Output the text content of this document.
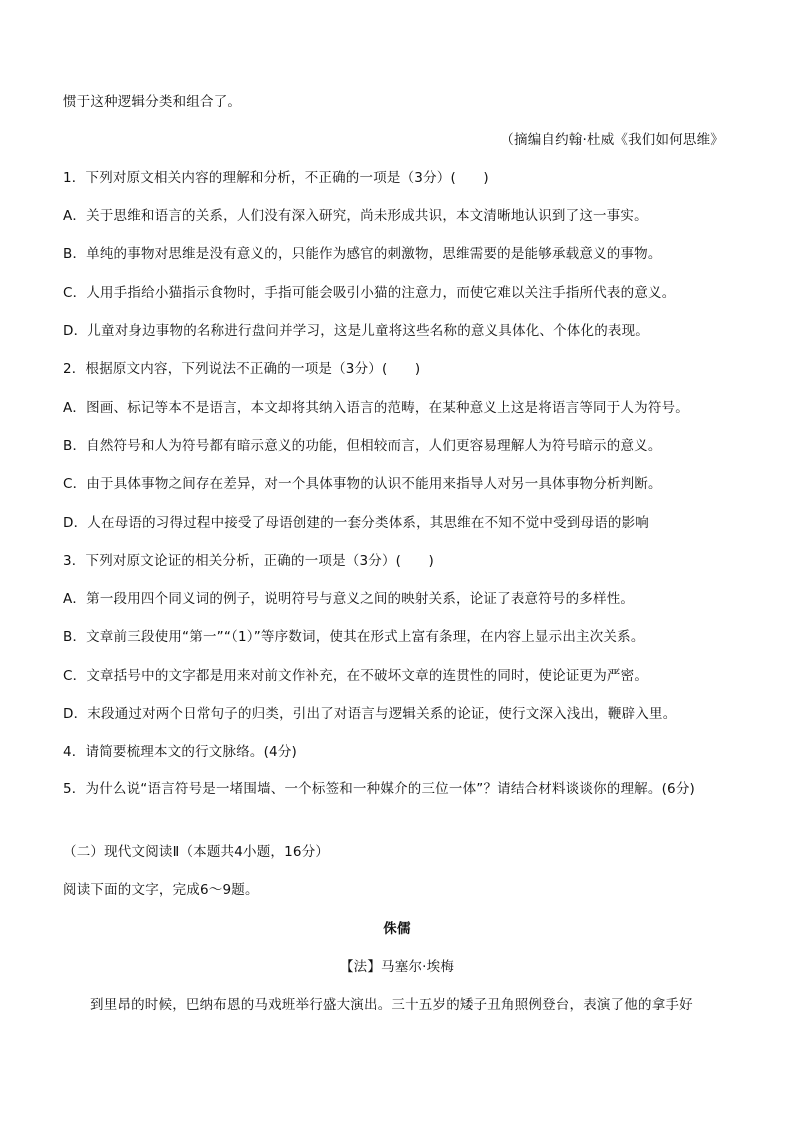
惯于这种逻辑分类和组合了。
（摘编自约翰·杜威《我们如何思维》
1．下列对原文相关内容的理解和分析，不正确的一项是（3分）(　　)
A．关于思维和语言的关系，人们没有深入研究，尚未形成共识，本文清晰地认识到了这一事实。
B．单纯的事物对思维是没有意义的，只能作为感官的刺激物，思维需要的是能够承载意义的事物。
C．人用手指给小猫指示食物时，手指可能会吸引小猫的注意力，而使它难以关注手指所代表的意义。
D．儿童对身边事物的名称进行盘问并学习，这是儿童将这些名称的意义具体化、个体化的表现。
2．根据原文内容，下列说法不正确的一项是（3分）(　　)
A．图画、标记等本不是语言，本文却将其纳入语言的范畴，在某种意义上这是将语言等同于人为符号。
B．自然符号和人为符号都有暗示意义的功能，但相较而言，人们更容易理解人为符号暗示的意义。
C．由于具体事物之间存在差异，对一个具体事物的认识不能用来指导人对另一具体事物分析判断。
D．人在母语的习得过程中接受了母语创建的一套分类体系，其思维在不知不觉中受到母语的影响
3．下列对原文论证的相关分析，正确的一项是（3分）(　　)
A．第一段用四个同义词的例子，说明符号与意义之间的映射关系，论证了表意符号的多样性。
B．文章前三段使用“第一”“（1）”等序数词，使其在形式上富有条理，在内容上显示出主次关系。
C．文章括号中的文字都是用来对前文作补充，在不破坏文章的连贯性的同时，使论证更为严密。
D．末段通过对两个日常句子的归类，引出了对语言与逻辑关系的论证，使行文深入浅出，鞭辟入里。
4．请简要梳理本文的行文脉络。(4分)
5．为什么说“语言符号是一堵围墙、一个标签和一种媒介的三位一体”？请结合材料谈谈你的理解。(6分)
（二）现代文阅读Ⅱ（本题共4小题，16分）
阅读下面的文字，完成6～9题。
侏儒
【法】马塞尔·埃梅
到里昂的时候，巴纳布恩的马戏班举行盛大演出。三十五岁的矮子丑角照例登台，表演了他的拿手好
